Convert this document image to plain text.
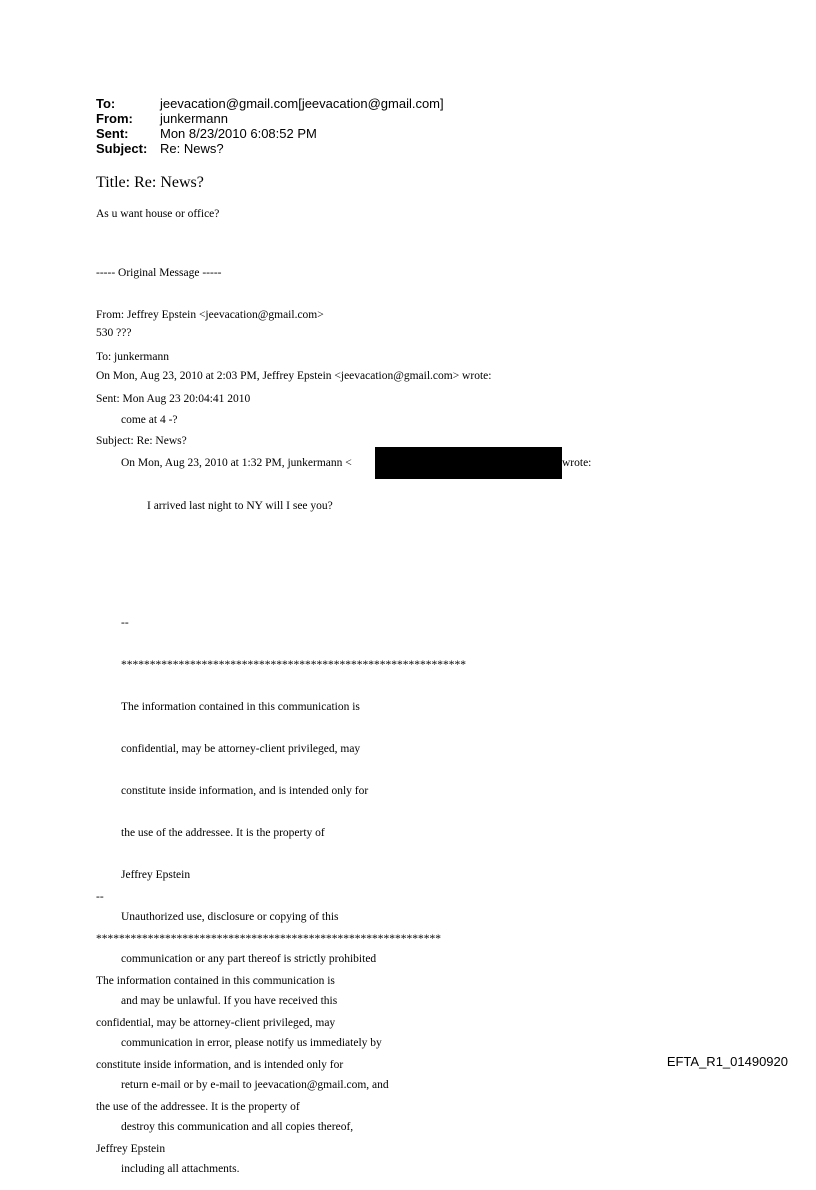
To:	jeevacation@gmail.com[jeevacation@gmail.com]
From:	junkermann
Sent:	Mon 8/23/2010 6:08:52 PM
Subject: Re: News?
Title: Re: News?
As u want house or office?

----- Original Message -----

From: Jeffrey Epstein <jeevacation@gmail.com>

To: junkermann

Sent: Mon Aug 23 20:04:41 2010

Subject: Re: News?

530 ???
On Mon, Aug 23, 2010 at 2:03 PM, Jeffrey Epstein <jeevacation@gmail.com> wrote:
come at 4 -?
On Mon, Aug 23, 2010 at 1:32 PM, junkermann <	wrote:
I arrived last night to NY will I see you?

--

************************************************************

The information contained in this communication is

confidential, may be attorney-client privileged, may

constitute inside information, and is intended only for

the use of the addressee. It is the property of

Jeffrey Epstein

Unauthorized use, disclosure or copying of this

communication or any part thereof is strictly prohibited

and may be unlawful. If you have received this

communication in error, please notify us immediately by

return e-mail or by e-mail to jeevacation@gmail.com, and

destroy this communication and all copies thereof,

including all attachments.

--

************************************************************

The information contained in this communication is

confidential, may be attorney-client privileged, may

constitute inside information, and is intended only for

the use of the addressee. It is the property of

Jeffrey Epstein

EFTA_R1_01490920
